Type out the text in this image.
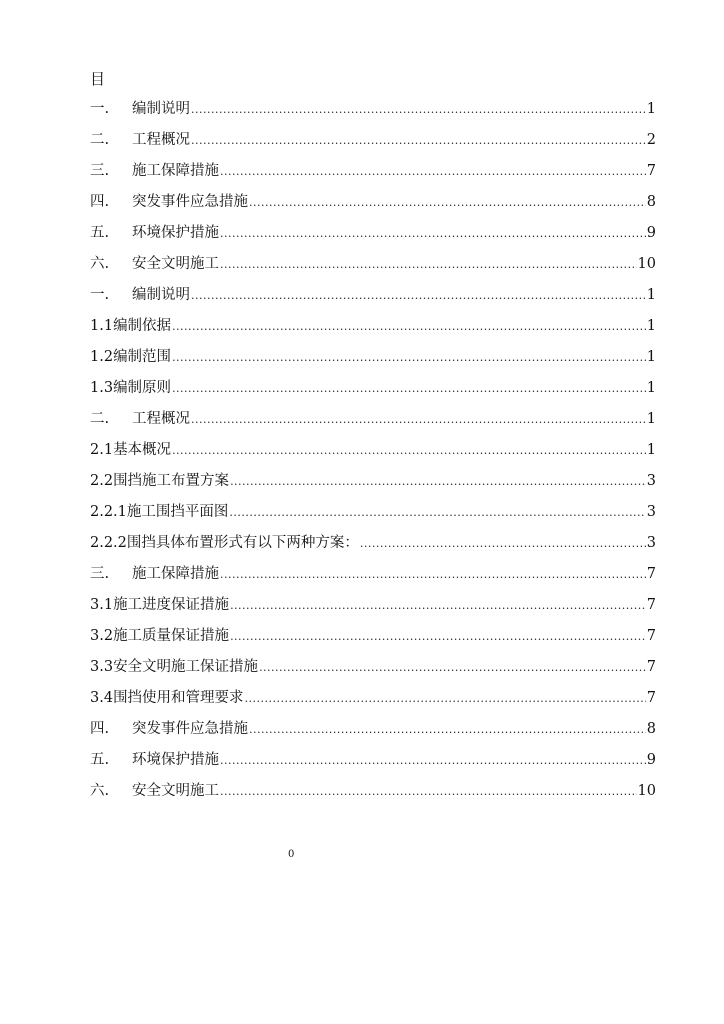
目
一.	编制说明 .....	1
二.	工程概况 .....	2
三.	施工保障措施 .....	7
四.	突发事件应急措施 .....	8
五.	环境保护措施 .....	9
六.	安全文明施工 .....	10
一.	编制说明 .....	1
1.1 编制依据 .....	1
1.2 编制范围 .....	1
1.3 编制原则 .....	1
二.	工程概况 .....	1
2.1 基本概况 .....	1
2.2 围挡施工布置方案 .....	3
2.2.1 施工围挡平面图 .....	3
2.2.2 围挡具体布置形式有以下两种方案： .....	3
三.	施工保障措施 .....	7
3.1 施工进度保证措施 .....	7
3.2 施工质量保证措施 .....	7
3.3 安全文明施工保证措施 .....	7
3.4 围挡使用和管理要求 .....	7
四.	突发事件应急措施 .....	8
五.	环境保护措施 .....	9
六.	安全文明施工 .....	10
0
